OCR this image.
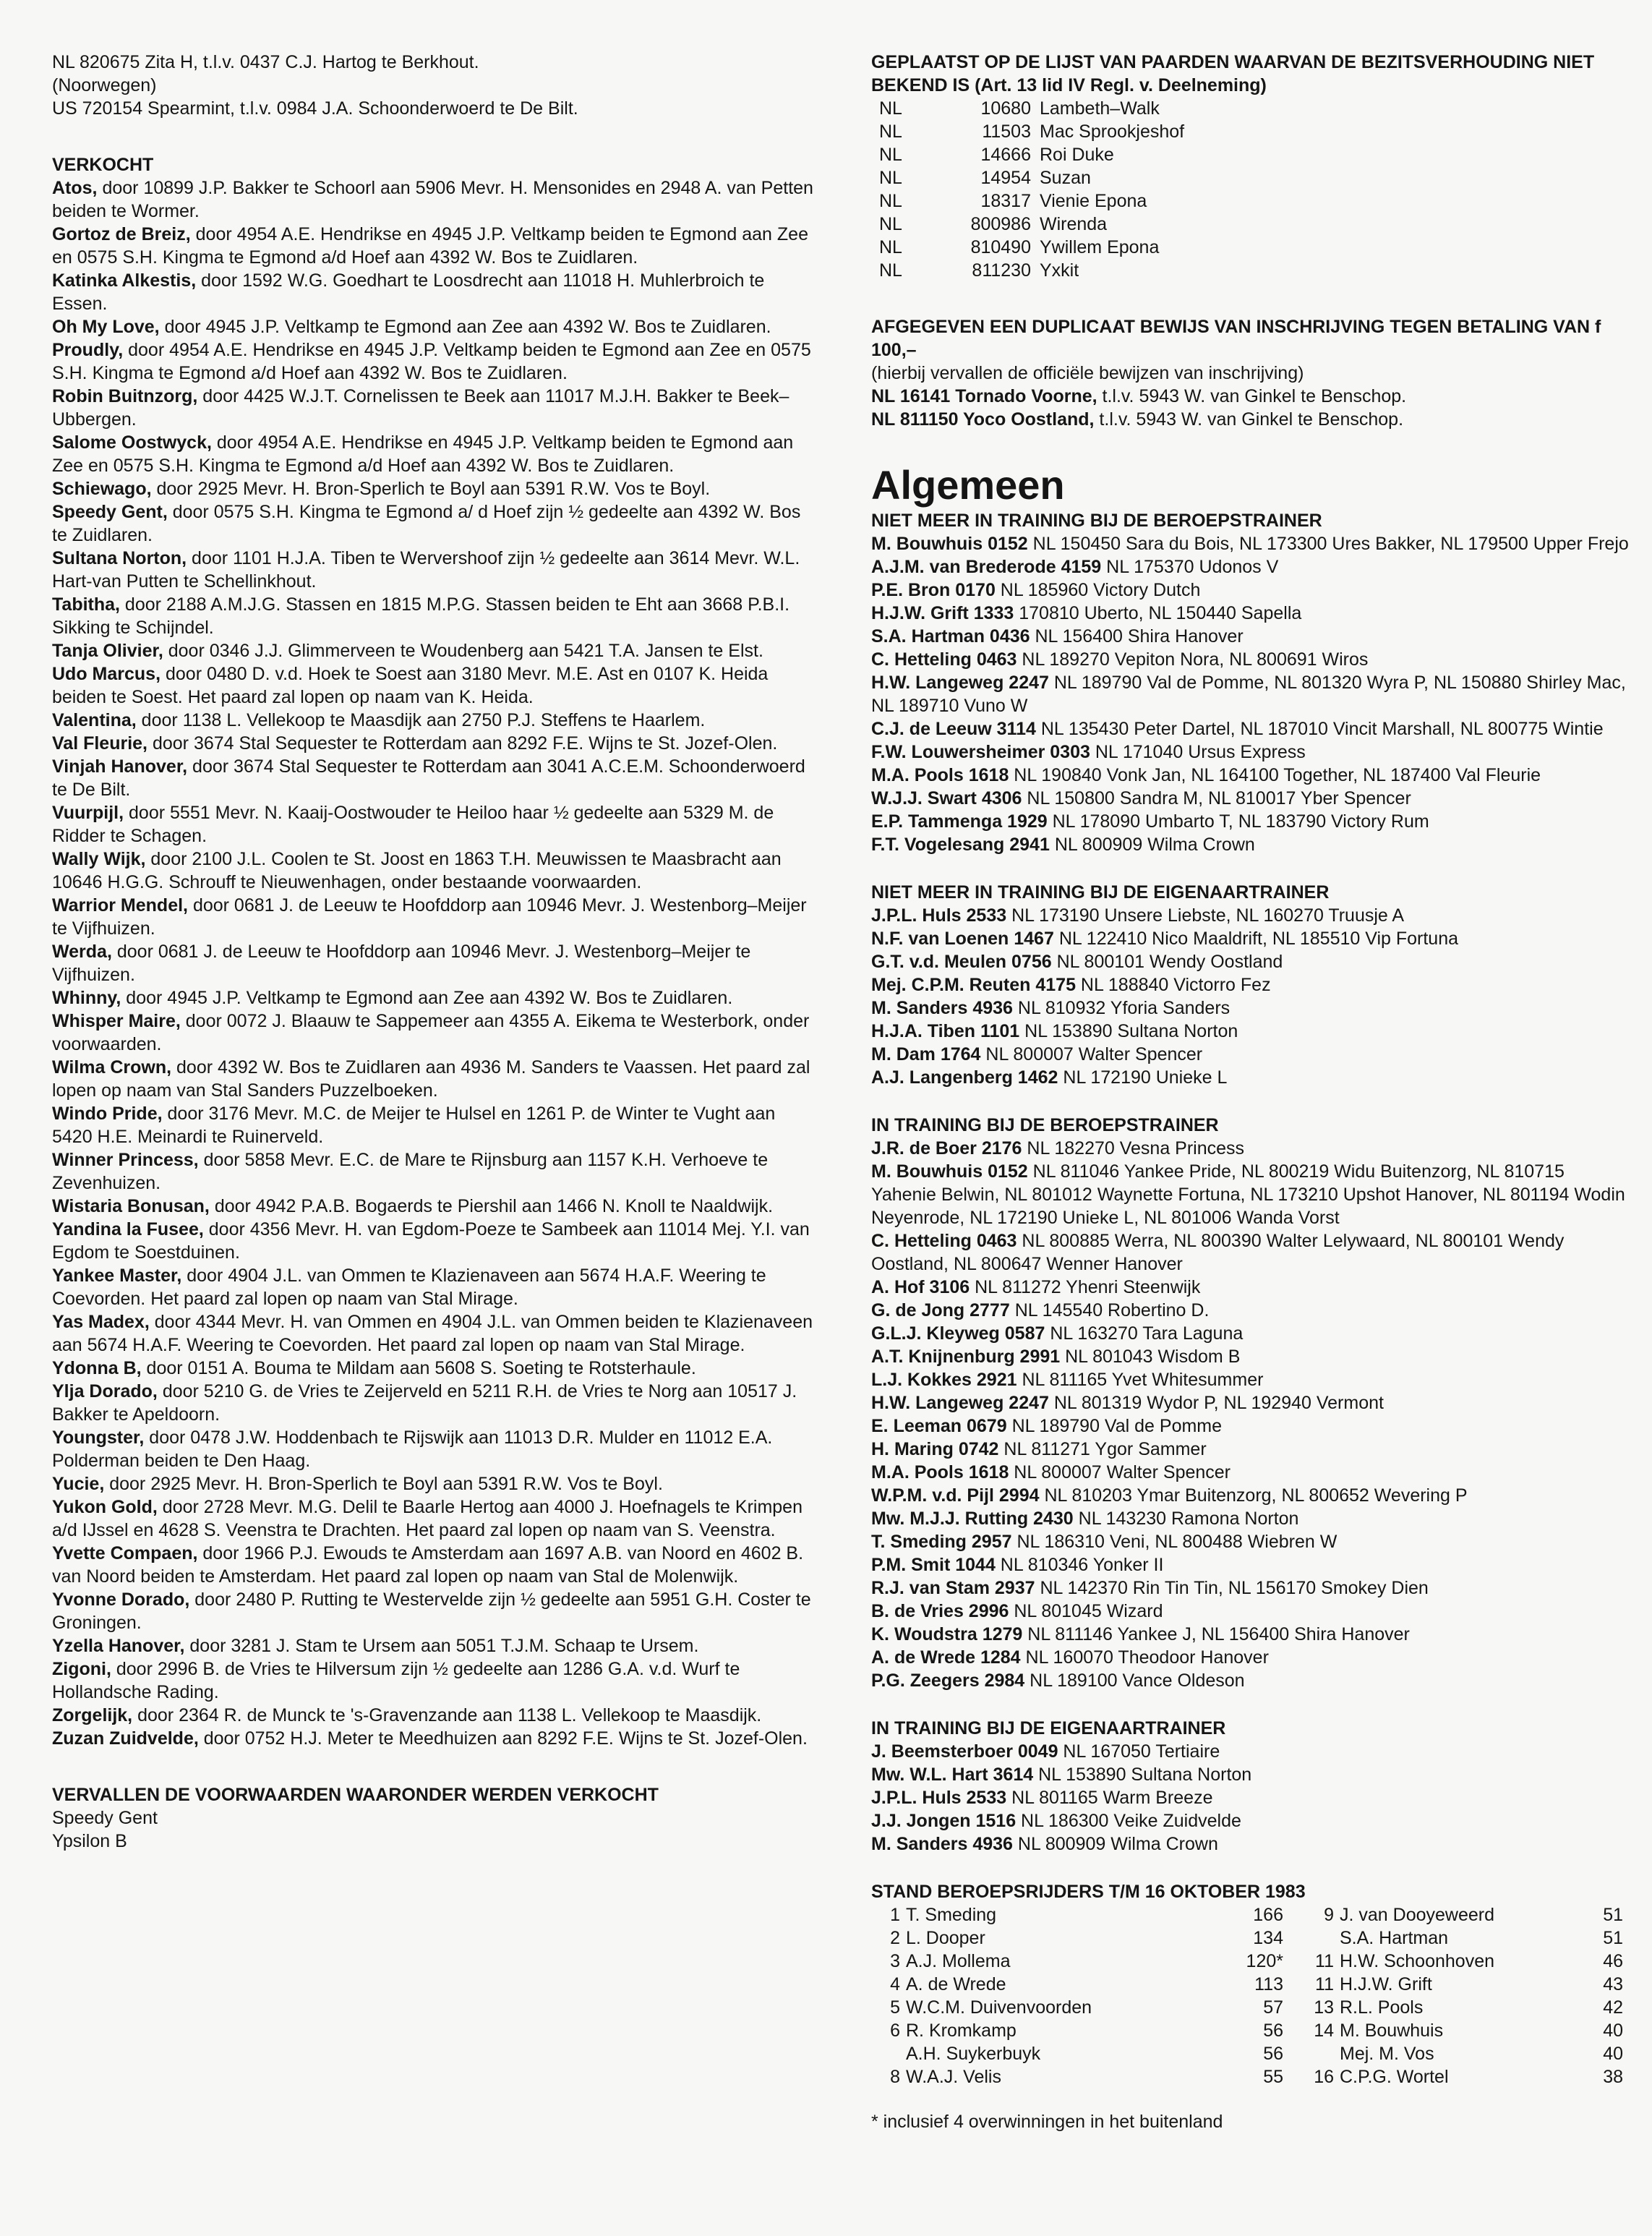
NL 820675 Zita H, t.l.v. 0437 C.J. Hartog te Berkhout.

(Noorwegen)

US 720154 Spearmint, t.l.v. 0984 J.A. Schoonderwoerd te De Bilt.

VERKOCHT

Atos, door 10899 J.P. Bakker te Schoorl aan 5906 Mevr. H. Mensonides en 2948 A. van Petten beiden te Wormer.

Gortoz de Breiz, door 4954 A.E. Hendrikse en 4945 J.P. Veltkamp beiden te Egmond aan Zee en 0575 S.H. Kingma te Egmond a/d Hoef aan 4392 W. Bos te Zuidlaren.

Katinka Alkestis, door 1592 W.G. Goedhart te Loosdrecht aan 11018 H. Muhlerbroich te Essen.

Oh My Love, door 4945 J.P. Veltkamp te Egmond aan Zee aan 4392 W. Bos te Zuidlaren.

Proudly, door 4954 A.E. Hendrikse en 4945 J.P. Veltkamp beiden te Egmond aan Zee en 0575 S.H. Kingma te Egmond a/d Hoef aan 4392 W. Bos te Zuidlaren.

Robin Buitnzorg, door 4425 W.J.T. Cornelissen te Beek aan 11017 M.J.H. Bakker te Beek–Ubbergen.

Salome Oostwyck, door 4954 A.E. Hendrikse en 4945 J.P. Veltkamp beiden te Egmond aan Zee en 0575 S.H. Kingma te Egmond a/d Hoef aan 4392 W. Bos te Zuidlaren.

Schiewago, door 2925 Mevr. H. Bron-Sperlich te Boyl aan 5391 R.W. Vos te Boyl.

Speedy Gent, door 0575 S.H. Kingma te Egmond a/ d Hoef zijn ½ gedeelte aan 4392 W. Bos te Zuidlaren.

Sultana Norton, door 1101 H.J.A. Tiben te Wervershoof zijn ½ gedeelte aan 3614 Mevr. W.L. Hart-van Putten te Schellinkhout.

Tabitha, door 2188 A.M.J.G. Stassen en 1815 M.P.G. Stassen beiden te Eht aan 3668 P.B.I. Sikking te Schijndel.

Tanja Olivier, door 0346 J.J. Glimmerveen te Woudenberg aan 5421 T.A. Jansen te Elst.

Udo Marcus, door 0480 D. v.d. Hoek te Soest aan 3180 Mevr. M.E. Ast en 0107 K. Heida beiden te Soest. Het paard zal lopen op naam van K. Heida.

Valentina, door 1138 L. Vellekoop te Maasdijk aan 2750 P.J. Steffens te Haarlem.

Val Fleurie, door 3674 Stal Sequester te Rotterdam aan 8292 F.E. Wijns te St. Jozef-Olen.

Vinjah Hanover, door 3674 Stal Sequester te Rotterdam aan 3041 A.C.E.M. Schoonderwoerd te De Bilt.

Vuurpijl, door 5551 Mevr. N. Kaaij-Oostwouder te Heiloo haar ½ gedeelte aan 5329 M. de Ridder te Schagen.

Wally Wijk, door 2100 J.L. Coolen te St. Joost en 1863 T.H. Meuwissen te Maasbracht aan 10646 H.G.G. Schrouff te Nieuwenhagen, onder bestaande voorwaarden.

Warrior Mendel, door 0681 J. de Leeuw te Hoofddorp aan 10946 Mevr. J. Westenborg–Meijer te Vijfhuizen.

Werda, door 0681 J. de Leeuw te Hoofddorp aan 10946 Mevr. J. Westenborg–Meijer te Vijfhuizen.

Whinny, door 4945 J.P. Veltkamp te Egmond aan Zee aan 4392 W. Bos te Zuidlaren.

Whisper Maire, door 0072 J. Blaauw te Sappemeer aan 4355 A. Eikema te Westerbork, onder voorwaarden.

Wilma Crown, door 4392 W. Bos te Zuidlaren aan 4936 M. Sanders te Vaassen. Het paard zal lopen op naam van Stal Sanders Puzzelboeken.

Windo Pride, door 3176 Mevr. M.C. de Meijer te Hulsel en 1261 P. de Winter te Vught aan 5420 H.E. Meinardi te Ruinerveld.

Winner Princess, door 5858 Mevr. E.C. de Mare te Rijnsburg aan 1157 K.H. Verhoeve te Zevenhuizen.

Wistaria Bonusan, door 4942 P.A.B. Bogaerds te Piershil aan 1466 N. Knoll te Naaldwijk.

Yandina la Fusee, door 4356 Mevr. H. van Egdom-Poeze te Sambeek aan 11014 Mej. Y.I. van Egdom te Soestduinen.

Yankee Master, door 4904 J.L. van Ommen te Klazienaveen aan 5674 H.A.F. Weering te Coevorden. Het paard zal lopen op naam van Stal Mirage.

Yas Madex, door 4344 Mevr. H. van Ommen en 4904 J.L. van Ommen beiden te Klazienaveen aan 5674 H.A.F. Weering te Coevorden. Het paard zal lopen op naam van Stal Mirage.

Ydonna B, door 0151 A. Bouma te Mildam aan 5608 S. Soeting te Rotsterhaule.

Ylja Dorado, door 5210 G. de Vries te Zeijerveld en 5211 R.H. de Vries te Norg aan 10517 J. Bakker te Apeldoorn.

Youngster, door 0478 J.W. Hoddenbach te Rijswijk aan 11013 D.R. Mulder en 11012 E.A. Polderman beiden te Den Haag.

Yucie, door 2925 Mevr. H. Bron-Sperlich te Boyl aan 5391 R.W. Vos te Boyl.

Yukon Gold, door 2728 Mevr. M.G. Delil te Baarle Hertog aan 4000 J. Hoefnagels te Krimpen a/d IJssel en 4628 S. Veenstra te Drachten. Het paard zal lopen op naam van S. Veenstra.

Yvette Compaen, door 1966 P.J. Ewouds te Amsterdam aan 1697 A.B. van Noord en 4602 B. van Noord beiden te Amsterdam. Het paard zal lopen op naam van Stal de Molenwijk.

Yvonne Dorado, door 2480 P. Rutting te Westervelde zijn ½ gedeelte aan 5951 G.H. Coster te Groningen.

Yzella Hanover, door 3281 J. Stam te Ursem aan 5051 T.J.M. Schaap te Ursem.

Zigoni, door 2996 B. de Vries te Hilversum zijn ½ gedeelte aan 1286 G.A. v.d. Wurf te Hollandsche Rading.

Zorgelijk, door 2364 R. de Munck te 's-Gravenzande aan 1138 L. Vellekoop te Maasdijk.

Zuzan Zuidvelde, door 0752 H.J. Meter te Meedhuizen aan 8292 F.E. Wijns te St. Jozef-Olen.

VERVALLEN DE VOORWAARDEN WAARONDER WERDEN VERKOCHT

Speedy Gent

Ypsilon B

GEPLAATST OP DE LIJST VAN PAARDEN WAARVAN DE BEZITSVERHOUDING NIET BEKEND IS (Art. 13 lid IV Regl. v. Deelneming)

NL	10680 Lambeth–Walk
NL	11503 Mac Sprookjeshof
NL	14666 Roi Duke
NL	14954 Suzan
NL	18317 Vienie Epona
NL	800986 Wirenda
NL	810490 Ywillem Epona
NL	811230 Yxkit

AFGEGEVEN EEN DUPLICAAT BEWIJS VAN INSCHRIJVING TEGEN BETALING VAN f 100,–

(hierbij vervallen de officiële bewijzen van inschrijving)

NL 16141 Tornado Voorne, t.l.v. 5943 W. van Ginkel te Benschop.

NL 811150 Yoco Oostland, t.l.v. 5943 W. van Ginkel te Benschop.

Algemeen

NIET MEER IN TRAINING BIJ DE BEROEPSTRAINER

M. Bouwhuis 0152 NL 150450 Sara du Bois, NL 173300 Ures Bakker, NL 179500 Upper Frejo

A.J.M. van Brederode 4159 NL 175370 Udonos V

P.E. Bron 0170 NL 185960 Victory Dutch

H.J.W. Grift 1333 170810 Uberto, NL 150440 Sapella

S.A. Hartman 0436 NL 156400 Shira Hanover

C. Hetteling 0463 NL 189270 Vepiton Nora, NL 800691 Wiros

H.W. Langeweg 2247 NL 189790 Val de Pomme, NL 801320 Wyra P, NL 150880 Shirley Mac, NL 189710 Vuno W

C.J. de Leeuw 3114 NL 135430 Peter Dartel, NL 187010 Vincit Marshall, NL 800775 Wintie

F.W. Louwersheimer 0303 NL 171040 Ursus Express

M.A. Pools 1618 NL 190840 Vonk Jan, NL 164100 Together, NL 187400 Val Fleurie

W.J.J. Swart 4306 NL 150800 Sandra M, NL 810017 Yber Spencer

E.P. Tammenga 1929 NL 178090 Umbarto T, NL 183790 Victory Rum

F.T. Vogelesang 2941 NL 800909 Wilma Crown

NIET MEER IN TRAINING BIJ DE EIGENAARTRAINER

J.P.L. Huls 2533 NL 173190 Unsere Liebste, NL 160270 Truusje A

N.F. van Loenen 1467 NL 122410 Nico Maaldrift, NL 185510 Vip Fortuna

G.T. v.d. Meulen 0756 NL 800101 Wendy Oostland

Mej. C.P.M. Reuten 4175 NL 188840 Victorro Fez

M. Sanders 4936 NL 810932 Yforia Sanders

H.J.A. Tiben 1101 NL 153890 Sultana Norton

M. Dam 1764 NL 800007 Walter Spencer

A.J. Langenberg 1462 NL 172190 Unieke L

IN TRAINING BIJ DE BEROEPSTRAINER

J.R. de Boer 2176 NL 182270 Vesna Princess

M. Bouwhuis 0152 NL 811046 Yankee Pride, NL 800219 Widu Buitenzorg, NL 810715 Yahenie Belwin, NL 801012 Waynette Fortuna, NL 173210 Upshot Hanover, NL 801194 Wodin Neyenrode, NL 172190 Unieke L, NL 801006 Wanda Vorst

C. Hetteling 0463 NL 800885 Werra, NL 800390 Walter Lelywaard, NL 800101 Wendy Oostland, NL 800647 Wenner Hanover

A. Hof 3106 NL 811272 Yhenri Steenwijk

G. de Jong 2777 NL 145540 Robertino D.

G.L.J. Kleyweg 0587 NL 163270 Tara Laguna

A.T. Knijnenburg 2991 NL 801043 Wisdom B

L.J. Kokkes 2921 NL 811165 Yvet Whitesummer

H.W. Langeweg 2247 NL 801319 Wydor P, NL 192940 Vermont

E. Leeman 0679 NL 189790 Val de Pomme

H. Maring 0742 NL 811271 Ygor Sammer

M.A. Pools 1618 NL 800007 Walter Spencer

W.P.M. v.d. Pijl 2994 NL 810203 Ymar Buitenzorg, NL 800652 Wevering P

Mw. M.J.J. Rutting 2430 NL 143230 Ramona Norton

T. Smeding 2957 NL 186310 Veni, NL 800488 Wiebren W

P.M. Smit 1044 NL 810346 Yonker II

R.J. van Stam 2937 NL 142370 Rin Tin Tin, NL 156170 Smokey Dien

B. de Vries 2996 NL 801045 Wizard

K. Woudstra 1279 NL 811146 Yankee J, NL 156400 Shira Hanover

A. de Wrede 1284 NL 160070 Theodoor Hanover

P.G. Zeegers 2984 NL 189100 Vance Oldeson

IN TRAINING BIJ DE EIGENAARTRAINER

J. Beemsterboer 0049 NL 167050 Tertiaire

Mw. W.L. Hart 3614 NL 153890 Sultana Norton

J.P.L. Huls 2533 NL 801165 Warm Breeze

J.J. Jongen 1516 NL 186300 Veike Zuidvelde

M. Sanders 4936 NL 800909 Wilma Crown

STAND BEROEPSRIJDERS T/M 16 OKTOBER 1983

1 T. Smeding	166	9 J. van Dooyeweerd	51
2 L. Dooper	134	S.A. Hartman	51
3 A.J. Mollema	120*	11 H.W. Schoonhoven	46
4 A. de Wrede	113	11 H.J.W. Grift	43
5 W.C.M. Duivenvoorden	57	13 R.L. Pools	42
6 R. Kromkamp	56	14 M. Bouwhuis	40
A.H. Suykerbuyk	56	Mej. M. Vos	40
8 W.A.J. Velis	55	16 C.P.G. Wortel	38

* inclusief 4 overwinningen in het buitenland
